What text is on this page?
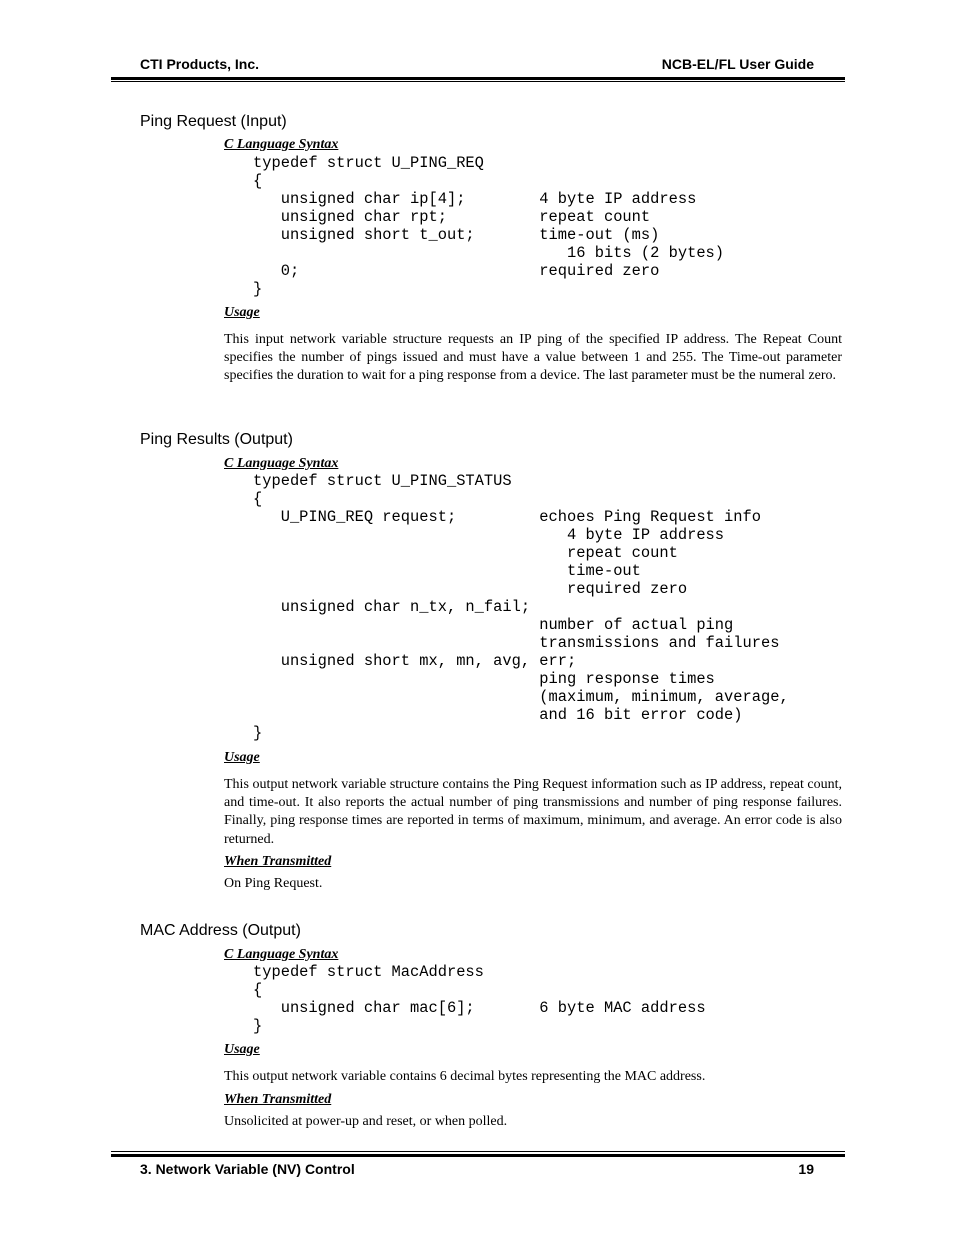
CTI Products, Inc.	NCB-EL/FL User Guide
Ping Request (Input)
C Language Syntax
typedef struct U_PING_REQ
{
unsigned char ip[4];        4 byte IP address
unsigned char rpt;          repeat count
unsigned short t_out;       time-out (ms)
16 bits (2 bytes)
0;                          required zero
}
Usage

This input network variable structure requests an IP ping of the specified IP address. The Repeat Count specifies the number of pings issued and must have a value between 1 and 255. The Time-out parameter specifies the duration to wait for a ping response from a device. The last parameter must be the numeral zero.

Ping Results (Output)
C Language Syntax
typedef struct U_PING_STATUS
{
U_PING_REQ request;         echoes Ping Request info
4 byte IP address
repeat count
time-out
required zero
unsigned char n_tx, n_fail;
number of actual ping
transmissions and failures
unsigned short mx, mn, avg, err;
ping response times
(maximum, minimum, average,
and 16 bit error code)
}
Usage

This output network variable structure contains the Ping Request information such as IP address, repeat count, and time-out. It also reports the actual number of ping transmissions and number of ping response failures. Finally, ping response times are reported in terms of maximum, minimum, and average. An error code is also returned.

When Transmitted

On Ping Request.

MAC Address (Output)
C Language Syntax
typedef struct MacAddress
{
unsigned char mac[6];       6 byte MAC address
}
Usage

This output network variable contains 6 decimal bytes representing the MAC address.

When Transmitted

Unsolicited at power-up and reset, or when polled.

3. Network Variable (NV) Control	19
